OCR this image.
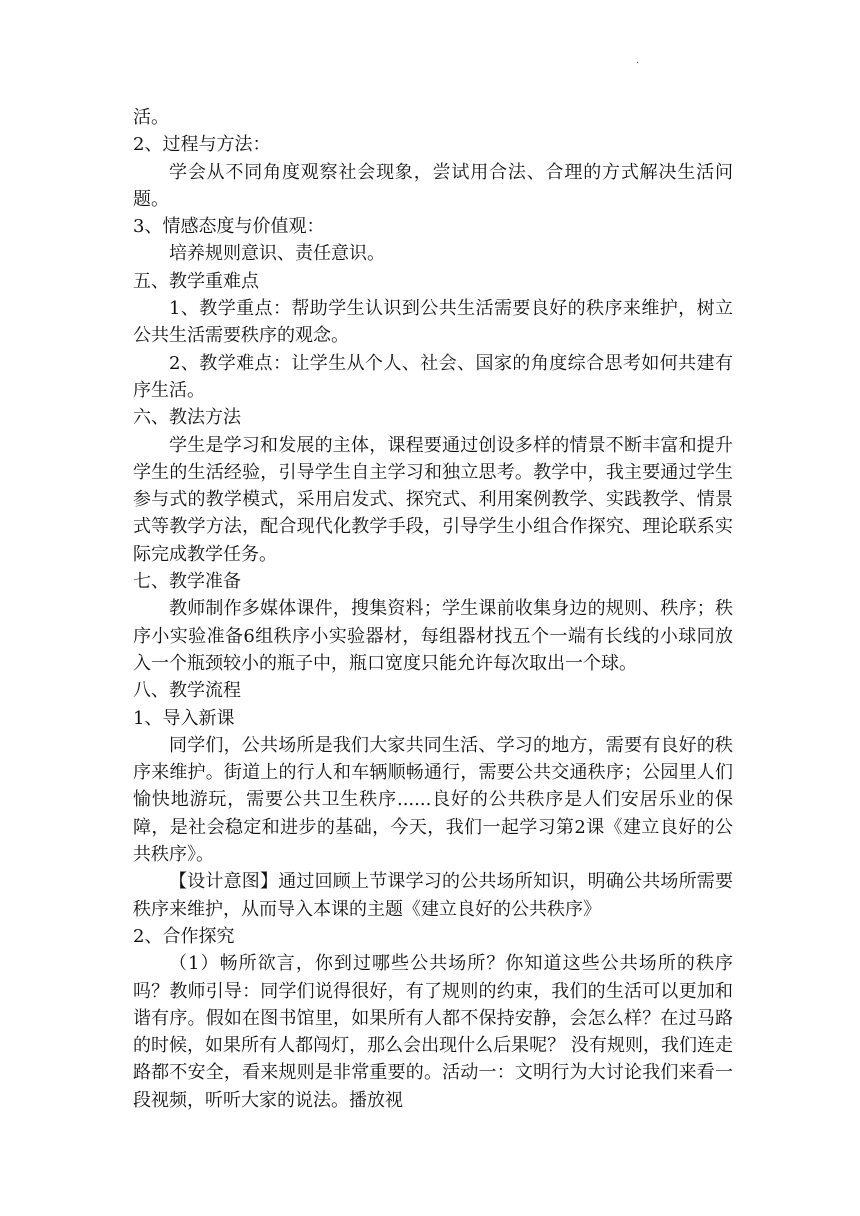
·

活。

2、过程与方法：

学会从不同角度观察社会现象，尝试用合法、合理的方式解决生活问题。

3、情感态度与价值观：

培养规则意识、责任意识。

五、教学重难点

1、教学重点：帮助学生认识到公共生活需要良好的秩序来维护，树立公共生活需要秩序的观念。

2、教学难点：让学生从个人、社会、国家的角度综合思考如何共建有序生活。

六、教法方法

学生是学习和发展的主体，课程要通过创设多样的情景不断丰富和提升学生的生活经验，引导学生自主学习和独立思考。教学中，我主要通过学生参与式的教学模式，采用启发式、探究式、利用案例教学、实践教学、情景式等教学方法，配合现代化教学手段，引导学生小组合作探究、理论联系实际完成教学任务。

七、教学准备

教师制作多媒体课件，搜集资料；学生课前收集身边的规则、秩序；秩序小实验准备6组秩序小实验器材，每组器材找五个一端有长线的小球同放入一个瓶颈较小的瓶子中，瓶口宽度只能允许每次取出一个球。

八、教学流程

1、导入新课

同学们，公共场所是我们大家共同生活、学习的地方，需要有良好的秩序来维护。街道上的行人和车辆顺畅通行，需要公共交通秩序；公园里人们愉快地游玩，需要公共卫生秩序......良好的公共秩序是人们安居乐业的保障，是社会稳定和进步的基础，今天，我们一起学习第2课《建立良好的公共秩序》。

【设计意图】通过回顾上节课学习的公共场所知识，明确公共场所需要秩序来维护，从而导入本课的主题《建立良好的公共秩序》

2、合作探究

（1）畅所欲言，你到过哪些公共场所？你知道这些公共场所的秩序吗？教师引导：同学们说得很好，有了规则的约束，我们的生活可以更加和谐有序。假如在图书馆里，如果所有人都不保持安静，会怎么样？在过马路的时候，如果所有人都闯灯，那么会出现什么后果呢？ 没有规则，我们连走路都不安全，看来规则是非常重要的。活动一：文明行为大讨论我们来看一段视频，听听大家的说法。播放视
